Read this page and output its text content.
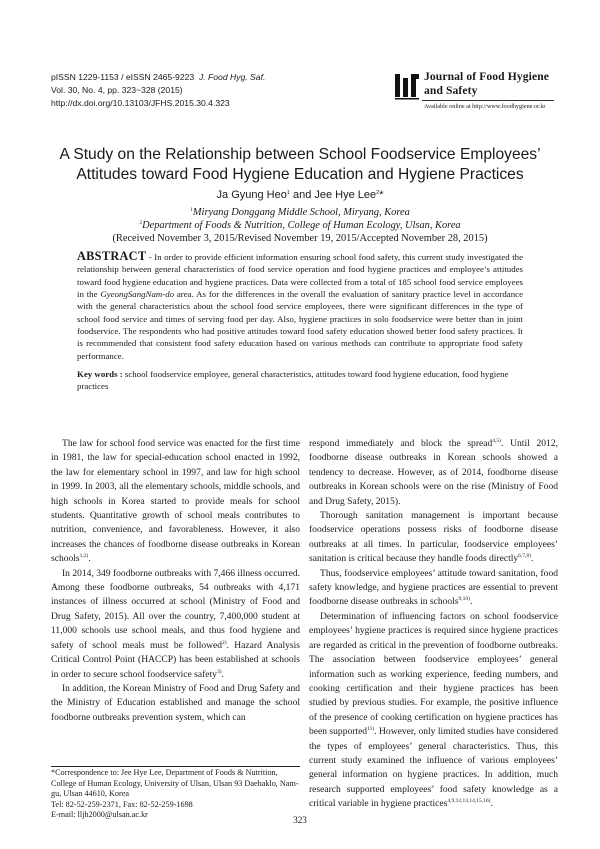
pISSN 1229-1153 / eISSN 2465-9223 J. Food Hyg. Saf.
Vol. 30, No. 4, pp. 323~328 (2015)
http://dx.doi.org/10.13103/JFHS.2015.30.4.323
Journal of Food Hygiene
and Safety
Available online at http://www.foodhygiene.or.kr
A Study on the Relationship between School Foodservice Employees’
Attitudes toward Food Hygiene Education and Hygiene Practices
Ja Gyung Heo$^1$ and Jee Hye Lee$^2$*
$^1$Miryang Donggang Middle School, Miryang, Korea
$^2$Department of Foods & Nutrition, College of Human Ecology, Ulsan, Korea
(Received November 3, 2015/Revised November 19, 2015/Accepted November 28, 2015)
ABSTRACT - In order to provide efficient information ensuring school food safety, this current study investigated the relationship between general characteristics of food service operation and food hygiene practices and employee’s attitudes toward food hygiene education and hygiene practices. Data were collected from a total of 185 school food service employees in the GyeongSangNam-do area. As for the differences in the overall the evaluation of sanitary practice level in accordance with the general characteristics about the school food service employees, there were significant differences in the type of school food service and times of serving food per day. Also, hygiene practices in solo foodservice were better than in joint foodservice. The respondents who had positive attitudes toward food safety education showed better food safety practices. It is recommended that consistent food safety education based on various methods can contribute to appropriate food safety performance.
Key words : school foodservice employee, general characteristics, attitudes toward food hygiene education, food hygiene practices

The law for school food service was enacted for the first time in 1981, the law for special-education school enacted in 1992, the law for elementary school in 1997, and law for high school in 1999. In 2003, all the elementary schools, middle schools, and high schools in Korea started to provide meals for school students. Quantitative growth of school meals contributes to nutrition, convenience, and favorableness. However, it also increases the chances of foodborne disease outbreaks in Korean schools$^{1,2)}$.

In 2014, 349 foodborne outbreaks with 7,466 illness occurred. Among these foodborne outbreaks, 54 outbreaks with 4,171 instances of illness occurred at school (Ministry of Food and Drug Safety, 2015). All over the country, 7,400,000 student at 11,000 schools use school meals, and thus food hygiene and safety of school meals must be followed$^{2)}$. Hazard Analysis Critical Control Point (HACCP) has been established at schools in order to secure school foodservice safety$^{3)}$.

In addition, the Korean Ministry of Food and Drug Safety and the Ministry of Education established and manage the school foodborne outbreaks prevention system, which can

respond immediately and block the spread$^{4,5)}$. Until 2012, foodborne disease outbreaks in Korean schools showed a tendency to decrease. However, as of 2014, foodborne disease outbreaks in Korean schools were on the rise (Ministry of Food and Drug Safety, 2015).

Thorough sanitation management is important because foodservice operations possess risks of foodborne disease outbreaks at all times. In particular, foodservice employees’ sanitation is critical because they handle foods directly$^{6,7,8)}$.

Thus, foodservice employees’ attitude toward sanitation, food safety knowledge, and hygiene practices are essential to prevent foodborne disease outbreaks in schools$^{9,10)}$.

Determination of influencing factors on school foodservice employees’ hygiene practices is required since hygiene practices are regarded as critical in the prevention of foodborne outbreaks. The association between foodservice employees’ general information such as working experience, feeding numbers, and cooking certification and their hygiene practices has been studied by previous studies. For example, the positive influence of the presence of cooking certification on hygiene practices has been supported$^{11)}$. However, only limited studies have considered the types of employees’ general characteristics. Thus, this current study examined the influence of various employees’ general information on hygiene practices. In addition, much research supported employees’ food safety knowledge as a critical variable in hygiene practices$^{4,9,12,13,14,15,16)}$.

*Correspondence to: Jee Hye Lee, Department of Foods & Nutrition, College of Human Ecology, University of Ulsan, Ulsan 93 Daehaklo, Nam-gu, Ulsan 44610, Korea
Tel: 82-52-259-2371, Fax: 82-52-259-1698
E-mail: lljh2000@ulsan.ac.kr
323
